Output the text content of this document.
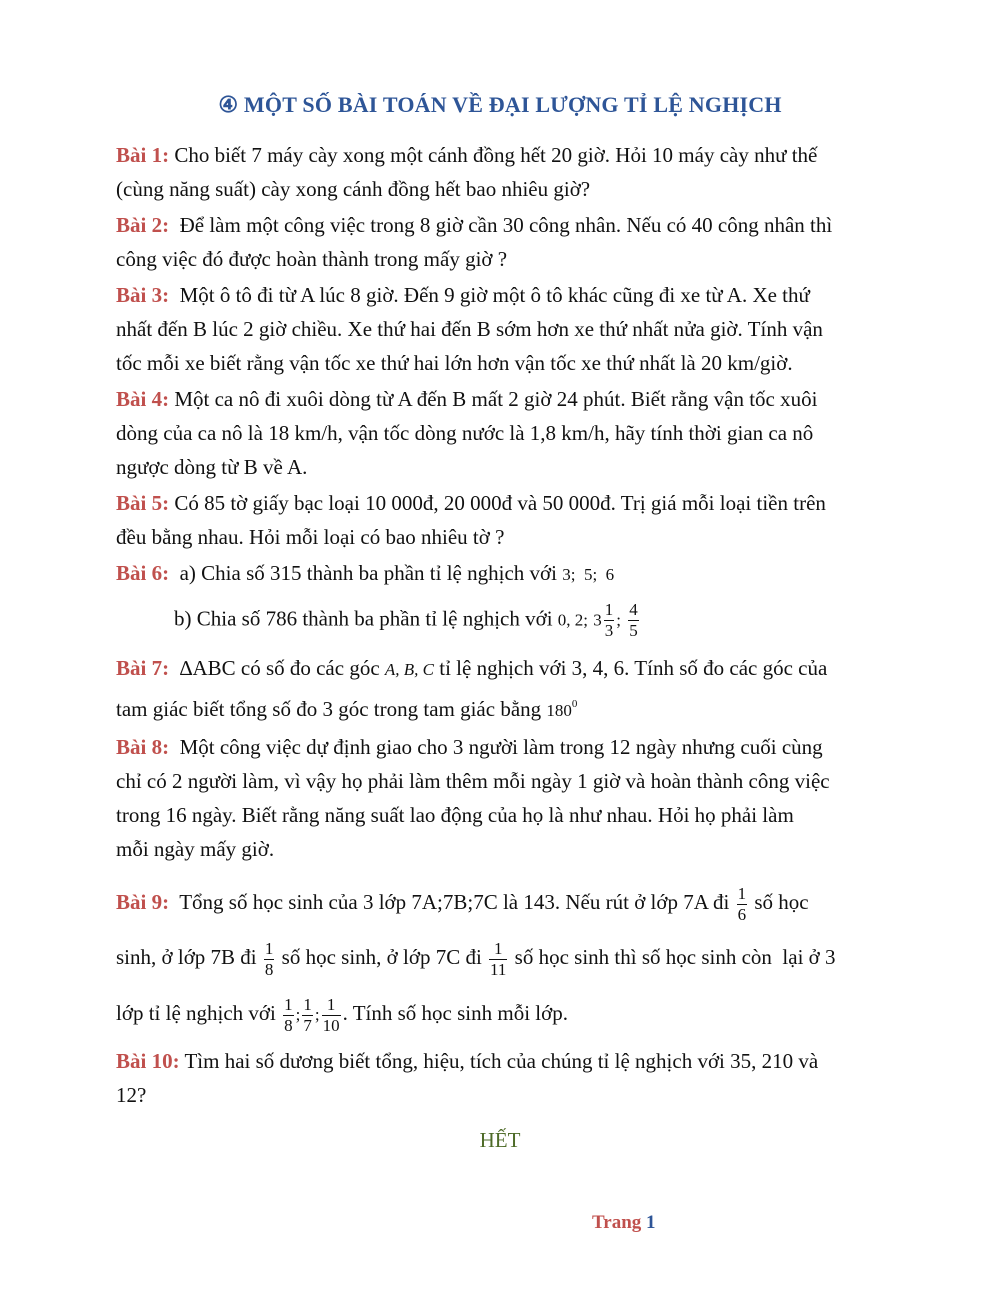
④ MỘT SỐ BÀI TOÁN VỀ ĐẠI LƯỢNG TỈ LỆ NGHỊCH
Bài 1: Cho biết 7 máy cày xong một cánh đồng hết 20 giờ. Hỏi 10 máy cày như thế
(cùng năng suất) cày xong cánh đồng hết bao nhiêu giờ?
Bài 2: Để làm một công việc trong 8 giờ cần 30 công nhân. Nếu có 40 công nhân thì
công việc đó được hoàn thành trong mấy giờ ?
Bài 3: Một ô tô đi từ A lúc 8 giờ. Đến 9 giờ một ô tô khác cũng đi xe từ A. Xe thứ
nhất đến B lúc 2 giờ chiều. Xe thứ hai đến B sớm hơn xe thứ nhất nửa giờ. Tính vận
tốc mỗi xe biết rằng vận tốc xe thứ hai lớn hơn vận tốc xe thứ nhất là 20 km/giờ.
Bài 4: Một ca nô đi xuôi dòng từ A đến B mất 2 giờ 24 phút. Biết rằng vận tốc xuôi
dòng của ca nô là 18 km/h, vận tốc dòng nước là 1,8 km/h, hãy tính thời gian ca nô
ngược dòng từ B về A.
Bài 5: Có 85 tờ giấy bạc loại 10 000đ, 20 000đ và 50 000đ. Trị giá mỗi loại tiền trên
đều bằng nhau. Hỏi mỗi loại có bao nhiêu tờ ?
Bài 6: a) Chia số 315 thành ba phần tỉ lệ nghịch với 3;  5;  6
b) Chia số 786 thành ba phần tỉ lệ nghịch với 0, 2; $3 \frac{1}{3}$ ; $\frac{4}{5}$
Bài 7: ∆ABC có số đo các góc A, B, C tỉ lệ nghịch với 3, 4, 6. Tính số đo các góc của
tam giác biết tổng số đo 3 góc trong tam giác bằng $180^0$
Bài 8: Một công việc dự định giao cho 3 người làm trong 12 ngày nhưng cuối cùng
chỉ có 2 người làm, vì vậy họ phải làm thêm mỗi ngày 1 giờ và hoàn thành công việc
trong 16 ngày. Biết rằng năng suất lao động của họ là như nhau. Hỏi họ phải làm
mỗi ngày mấy giờ.
Bài 9: Tổng số học sinh của 3 lớp 7A;7B;7C là 143. Nếu rút ở lớp 7A đi $\frac{1}{6}$ số học
sinh, ở lớp 7B đi $\frac{1}{8}$ số học sinh, ở lớp 7C đi $\frac{1}{11}$ số học sinh thì số học sinh còn  lại ở 3
lớp tỉ lệ nghịch với $\frac{1}{8}$ ; $\frac{1}{7}$ ; $\frac{1}{10}$ . Tính số học sinh mỗi lớp.
Bài 10: Tìm hai số dương biết tổng, hiệu, tích của chúng tỉ lệ nghịch với 35, 210 và
12?
HẾT
Trang 1
